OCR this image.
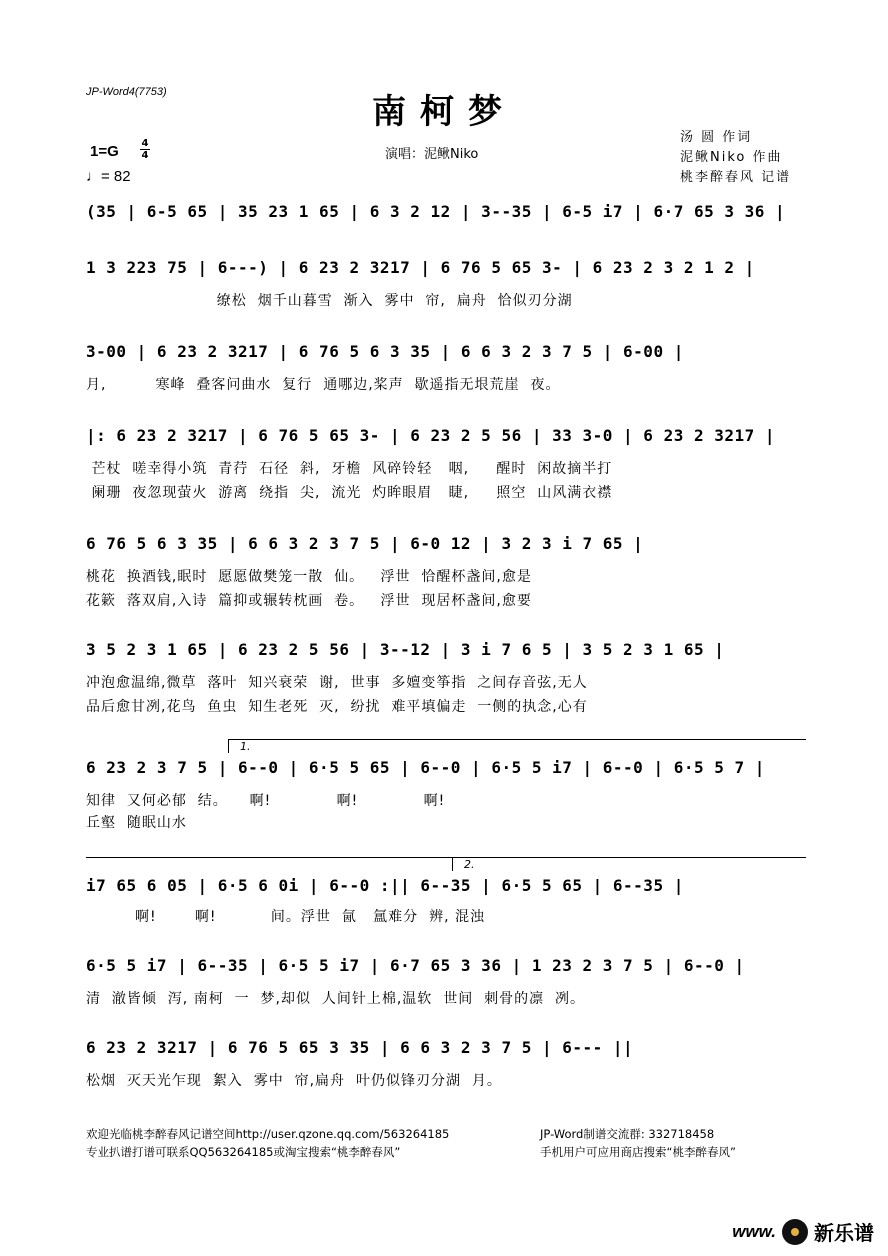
JP-Word4(7753)	南柯梦
演唱：泥鳅Niko
汤 圆 作词
泥鳅Niko 作曲
桃李醉春风 记谱
1=G 4
4
♩= 82
(35 | 6-5 65 | 35 23 1 65 | 6 3 2 12 | 3--35 | 6-5 i7 | 6·7 65 3 36 |
1 3 223 75 | 6---) | 6 23 2 3217 | 6 76 5 65 3- | 6 23 2 3 2 1 2 |
缭松  烟千山暮雪  渐入  雾中  帘,  扁舟  恰似刃分湖
3-00 | 6 23 2 3217 | 6 76 5 6 3 35 | 6 6 3 2 3 7 5 | 6-00 |
月,         寒峰  叠客问曲水  复行  通哪边,桨声  歇遥指无垠荒崖  夜。
|: 6 23 2 3217 | 6 76 5 65 3- | 6 23 2 5 56 | 33 3-0 | 6 23 2 3217 |
芒杖  嗟幸得小筑  青荇  石径  斜,  牙檐  风碎铃轻   咽,     醒时  闲故摘半打
阑珊  夜忽现萤火  游离  绕指  尖,  流光  灼眸眼眉   睫,     照空  山风满衣襟
6 76 5 6 3 35 | 6 6 3 2 3 7 5 | 6-0 12 | 3 2 3 i 7 65 |
桃花  换酒钱,眠时  愿愿做樊笼一散  仙。   浮世  恰醒杯盏间,愈是
花簌  落双肩,入诗  篇抑或辗转枕画  卷。   浮世  现居杯盏间,愈要
3 5 2 3 1 65 | 6 23 2 5 56 | 3--12 | 3 i 7 6 5 | 3 5 2 3 1 65 |
冲泡愈温绵,微草  落叶  知兴衰荣  谢,  世事  多嬗变筝指  之间存音弦,无人
品后愈甘冽,花鸟  鱼虫  知生老死  灭,  纷扰  难平填偏走  一侧的执念,心有
1.
6 23 2 3 7 5 | 6--0 | 6·5 5 65 | 6--0 | 6·5 5 i7 | 6--0 | 6·5 5 7 |
知律  又何必郁  结。    啊!            啊!            啊!
丘壑  随眠山水
2.
i7 65 6 05 | 6·5 6 0i | 6--0 :|| 6--35 | 6·5 5 65 | 6--35 |
啊!       啊!          间。浮世  氤   氲难分  辨, 混浊
6·5 5 i7 | 6--35 | 6·5 5 i7 | 6·7 65 3 36 | 1 23 2 3 7 5 | 6--0 |
清  澈皆倾  泻, 南柯  一  梦,却似  人间针上棉,温软  世间  刺骨的凛  冽。
6 23 2 3217 | 6 76 5 65 3 35 | 6 6 3 2 3 7 5 | 6--- ||
松烟  灭天光乍现  絮入  雾中  帘,扁舟  叶仍似锋刃分湖  月。
欢迎光临桃李醉春风记谱空间http://user.qzone.qq.com/563264185	JP-Word制谱交流群: 332718458
专业扒谱打谱可联系QQ563264185或淘宝搜索“桃李醉春风”	手机用户可应用商店搜索“桃李醉春风”
www. 新乐谱
